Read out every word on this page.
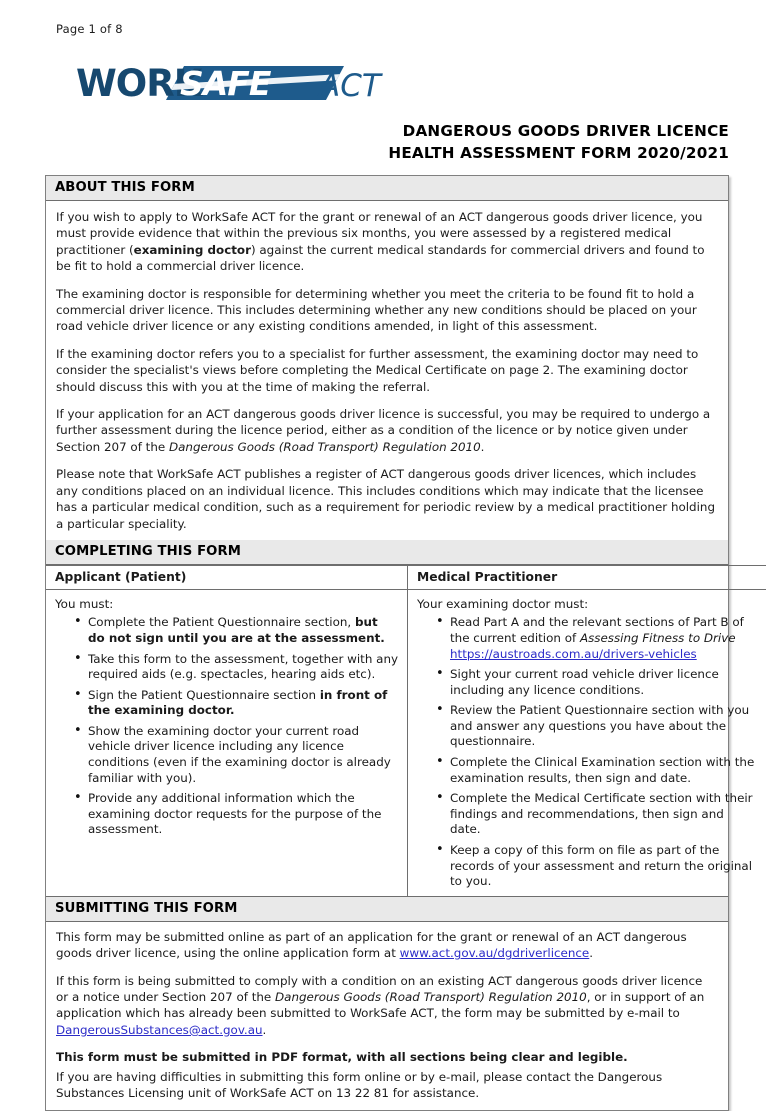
Page 1 of 8
WORK	ACT
DANGEROUS GOODS DRIVER LICENCE
HEALTH ASSESSMENT FORM 2020/2021
ABOUT THIS FORM

If you wish to apply to WorkSafe ACT for the grant or renewal of an ACT dangerous goods driver licence, you must provide evidence that within the previous six months, you were assessed by a registered medical practitioner (examining doctor) against the current medical standards for commercial drivers and found to be fit to hold a commercial driver licence.

The examining doctor is responsible for determining whether you meet the criteria to be found fit to hold a commercial driver licence. This includes determining whether any new conditions should be placed on your road vehicle driver licence or any existing conditions amended, in light of this assessment.

If the examining doctor refers you to a specialist for further assessment, the examining doctor may need to consider the specialist's views before completing the Medical Certificate on page 2. The examining doctor should discuss this with you at the time of making the referral.

If your application for an ACT dangerous goods driver licence is successful, you may be required to undergo a further assessment during the licence period, either as a condition of the licence or by notice given under Section 207 of the Dangerous Goods (Road Transport) Regulation 2010.

Please note that WorkSafe ACT publishes a register of ACT dangerous goods driver licences, which includes any conditions placed on an individual licence. This includes conditions which may indicate that the licensee has a particular medical condition, such as a requirement for periodic review by a medical practitioner holding a particular speciality.

COMPLETING THIS FORM
Applicant (Patient)	Medical Practitioner

You must:
• Complete the Patient Questionnaire section, but do not sign until you are at the assessment.
• Take this form to the assessment, together with any required aids (e.g. spectacles, hearing aids etc).
• Sign the Patient Questionnaire section in front of the examining doctor.
• Show the examining doctor your current road vehicle driver licence including any licence conditions (even if the examining doctor is already familiar with you).
• Provide any additional information which the examining doctor requests for the purpose of the assessment.

Your examining doctor must:
• Read Part A and the relevant sections of Part B of the current edition of Assessing Fitness to Drive https://austroads.com.au/drivers-vehicles
• Sight your current road vehicle driver licence including any licence conditions.
• Review the Patient Questionnaire section with you and answer any questions you have about the questionnaire.
• Complete the Clinical Examination section with the examination results, then sign and date.
• Complete the Medical Certificate section with their findings and recommendations, then sign and date.
• Keep a copy of this form on file as part of the records of your assessment and return the original to you.
SUBMITTING THIS FORM

This form may be submitted online as part of an application for the grant or renewal of an ACT dangerous goods driver licence, using the online application form at www.act.gov.au/dgdriverlicence.

If this form is being submitted to comply with a condition on an existing ACT dangerous goods driver licence or a notice under Section 207 of the Dangerous Goods (Road Transport) Regulation 2010, or in support of an application which has already been submitted to WorkSafe ACT, the form may be submitted by e-mail to DangerousSubstances@act.gov.au.

This form must be submitted in PDF format, with all sections being clear and legible.

If you are having difficulties in submitting this form online or by e-mail, please contact the Dangerous Substances Licensing unit of WorkSafe ACT on 13 22 81 for assistance.
